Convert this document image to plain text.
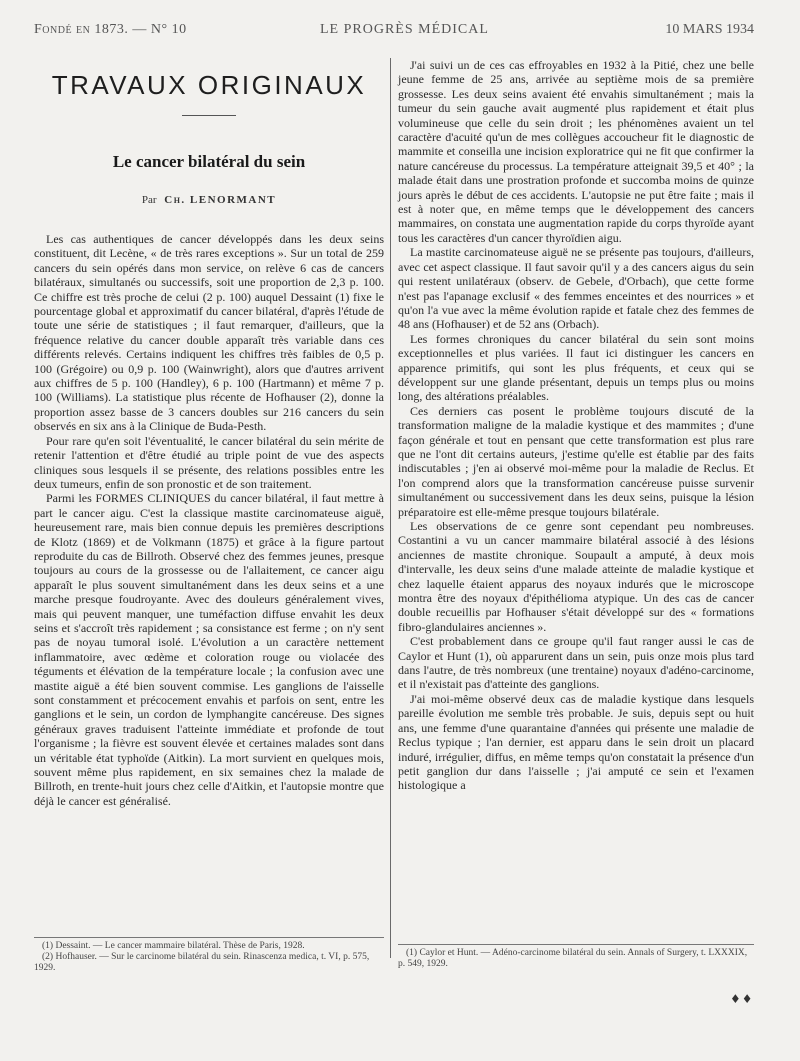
Fondé en 1873. — N° 10	LE PROGRÈS MÉDICAL	10 MARS 1934
TRAVAUX ORIGINAUX
Le cancer bilatéral du sein
Par Ch. LENORMANT

Les cas authentiques de cancer développés dans les deux seins constituent, dit Lecène, « de très rares exceptions ». Sur un total de 259 cancers du sein opérés dans mon service, on relève 6 cas de cancers bilatéraux, simultanés ou successifs, soit une proportion de 2,3 p. 100. Ce chiffre est très proche de celui (2 p. 100) auquel Dessaint (1) fixe le pourcentage global et approximatif du cancer bilatéral, d'après l'étude de toute une série de statistiques ; il faut remarquer, d'ailleurs, que la fréquence relative du cancer double apparaît très variable dans ces différents relevés. Certains indiquent les chiffres très faibles de 0,5 p. 100 (Grégoire) ou 0,9 p. 100 (Wainwright), alors que d'autres arrivent aux chiffres de 5 p. 100 (Handley), 6 p. 100 (Hartmann) et même 7 p. 100 (Williams). La statistique plus récente de Hofhauser (2), donne la proportion assez basse de 3 cancers doubles sur 216 cancers du sein observés en six ans à la Clinique de Buda-Pesth.

Pour rare qu'en soit l'éventualité, le cancer bilatéral du sein mérite de retenir l'attention et d'être étudié au triple point de vue des aspects cliniques sous lesquels il se présente, des relations possibles entre les deux tumeurs, enfin de son pronostic et de son traitement.

Parmi les FORMES CLINIQUES du cancer bilatéral, il faut mettre à part le cancer aigu. C'est la classique mastite carcinomateuse aiguë, heureusement rare, mais bien connue depuis les premières descriptions de Klotz (1869) et de Volkmann (1875) et grâce à la figure partout reproduite du cas de Billroth. Observé chez des femmes jeunes, presque toujours au cours de la grossesse ou de l'allaitement, ce cancer aigu apparaît le plus souvent simultanément dans les deux seins et a une marche presque foudroyante. Avec des douleurs généralement vives, mais qui peuvent manquer, une tuméfaction diffuse envahit les deux seins et s'accroît très rapidement ; sa consistance est ferme ; on n'y sent pas de noyau tumoral isolé. L'évolution a un caractère nettement inflammatoire, avec œdème et coloration rouge ou violacée des téguments et élévation de la température locale ; la confusion avec une mastite aiguë a été bien souvent commise. Les ganglions de l'aisselle sont constamment et précocement envahis et parfois on sent, entre les ganglions et le sein, un cordon de lymphangite cancéreuse. Des signes généraux graves traduisent l'atteinte immédiate et profonde de tout l'organisme ; la fièvre est souvent élevée et certaines malades sont dans un véritable état typhoïde (Aitkin). La mort survient en quelques mois, souvent même plus rapidement, en six semaines chez la malade de Billroth, en trente-huit jours chez celle d'Aitkin, et l'autopsie montre que déjà le cancer est généralisé.

(1) Dessaint. — Le cancer mammaire bilatéral. Thèse de Paris, 1928.

(2) Hofhauser. — Sur le carcinome bilatéral du sein. Rinascenza medica, t. VI, p. 575, 1929.

J'ai suivi un de ces cas effroyables en 1932 à la Pitié, chez une belle jeune femme de 25 ans, arrivée au septième mois de sa première grossesse. Les deux seins avaient été envahis simultanément ; mais la tumeur du sein gauche avait augmenté plus rapidement et était plus volumineuse que celle du sein droit ; les phénomènes avaient un tel caractère d'acuité qu'un de mes collègues accoucheur fit le diagnostic de mammite et conseilla une incision exploratrice qui ne fit que confirmer la nature cancéreuse du processus. La température atteignait 39,5 et 40° ; la malade était dans une prostration profonde et succomba moins de quinze jours après le début de ces accidents. L'autopsie ne put être faite ; mais il est à noter que, en même temps que le développement des cancers mammaires, on constata une augmentation rapide du corps thyroïde ayant tous les caractères d'un cancer thyroïdien aigu.

La mastite carcinomateuse aiguë ne se présente pas toujours, d'ailleurs, avec cet aspect classique. Il faut savoir qu'il y a des cancers aigus du sein qui restent unilatéraux (observ. de Gebele, d'Orbach), que cette forme n'est pas l'apanage exclusif « des femmes enceintes et des nourrices » et qu'on l'a vue avec la même évolution rapide et fatale chez des femmes de 48 ans (Hofhauser) et de 52 ans (Orbach).

Les formes chroniques du cancer bilatéral du sein sont moins exceptionnelles et plus variées. Il faut ici distinguer les cancers en apparence primitifs, qui sont les plus fréquents, et ceux qui se développent sur une glande présentant, depuis un temps plus ou moins long, des altérations préalables.

Ces derniers cas posent le problème toujours discuté de la transformation maligne de la maladie kystique et des mammites ; d'une façon générale et tout en pensant que cette transformation est plus rare que ne l'ont dit certains auteurs, j'estime qu'elle est établie par des faits indiscutables ; j'en ai observé moi-même pour la maladie de Reclus. Et l'on comprend alors que la transformation cancéreuse puisse survenir simultanément ou successivement dans les deux seins, puisque la lésion préparatoire est elle-même presque toujours bilatérale.

Les observations de ce genre sont cependant peu nombreuses. Costantini a vu un cancer mammaire bilatéral associé à des lésions anciennes de mastite chronique. Soupault a amputé, à deux mois d'intervalle, les deux seins d'une malade atteinte de maladie kystique et chez laquelle étaient apparus des noyaux indurés que le microscope montra être des noyaux d'épithélioma atypique. Un des cas de cancer double recueillis par Hofhauser s'était développé sur des « formations fibro-glandulaires anciennes ».

C'est probablement dans ce groupe qu'il faut ranger aussi le cas de Caylor et Hunt (1), où apparurent dans un sein, puis onze mois plus tard dans l'autre, de très nombreux (une trentaine) noyaux d'adéno-carcinome, et il n'existait pas d'atteinte des ganglions.

J'ai moi-même observé deux cas de maladie kystique dans lesquels pareille évolution me semble très probable. Je suis, depuis sept ou huit ans, une femme d'une quarantaine d'années qui présente une maladie de Reclus typique ; l'an dernier, est apparu dans le sein droit un placard induré, irrégulier, diffus, en même temps qu'on constatait la présence d'un petit ganglion dur dans l'aisselle ; j'ai amputé ce sein et l'examen histologique a

(1) Caylor et Hunt. — Adéno-carcinome bilatéral du sein. Annals of Surgery, t. LXXXIX, p. 549, 1929.

♦♦
